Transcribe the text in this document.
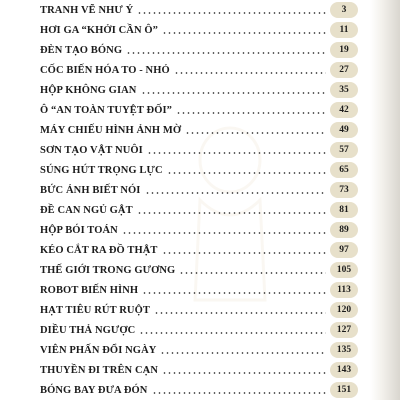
TRANH VẼ NHƯ Ý	3
HƠI GA “KHỞI CẦN Ô”	11
ĐÈN TẠO BÓNG	19
CỐC BIẾN HÓA TO - NHỎ	27
HỘP KHÔNG GIAN	35
Ô “AN TOÀN TUYỆT ĐỐI”	42
MÁY CHIẾU HÌNH ẢNH MỜ	49
SƠN TẠO VẬT NUÔI	57
SÚNG HÚT TRỌNG LỰC	65
BỨC ẢNH BIẾT NÓI	73
ĐỀ CAN NGỦ GẬT	81
HỘP BÓI TOÁN	89
KÉO CẮT RA ĐỒ THẬT	97
THẾ GIỚI TRONG GƯƠNG	105
ROBOT BIẾN HÌNH	113
HẠT TIÊU RÚT RUỘT	120
DIỀU THẢ NGƯỢC	127
VIÊN PHẤN ĐỔI NGÀY	135
THUYỀN ĐI TRÊN CẠN	143
BÓNG BAY ĐƯA ĐÓN	151
